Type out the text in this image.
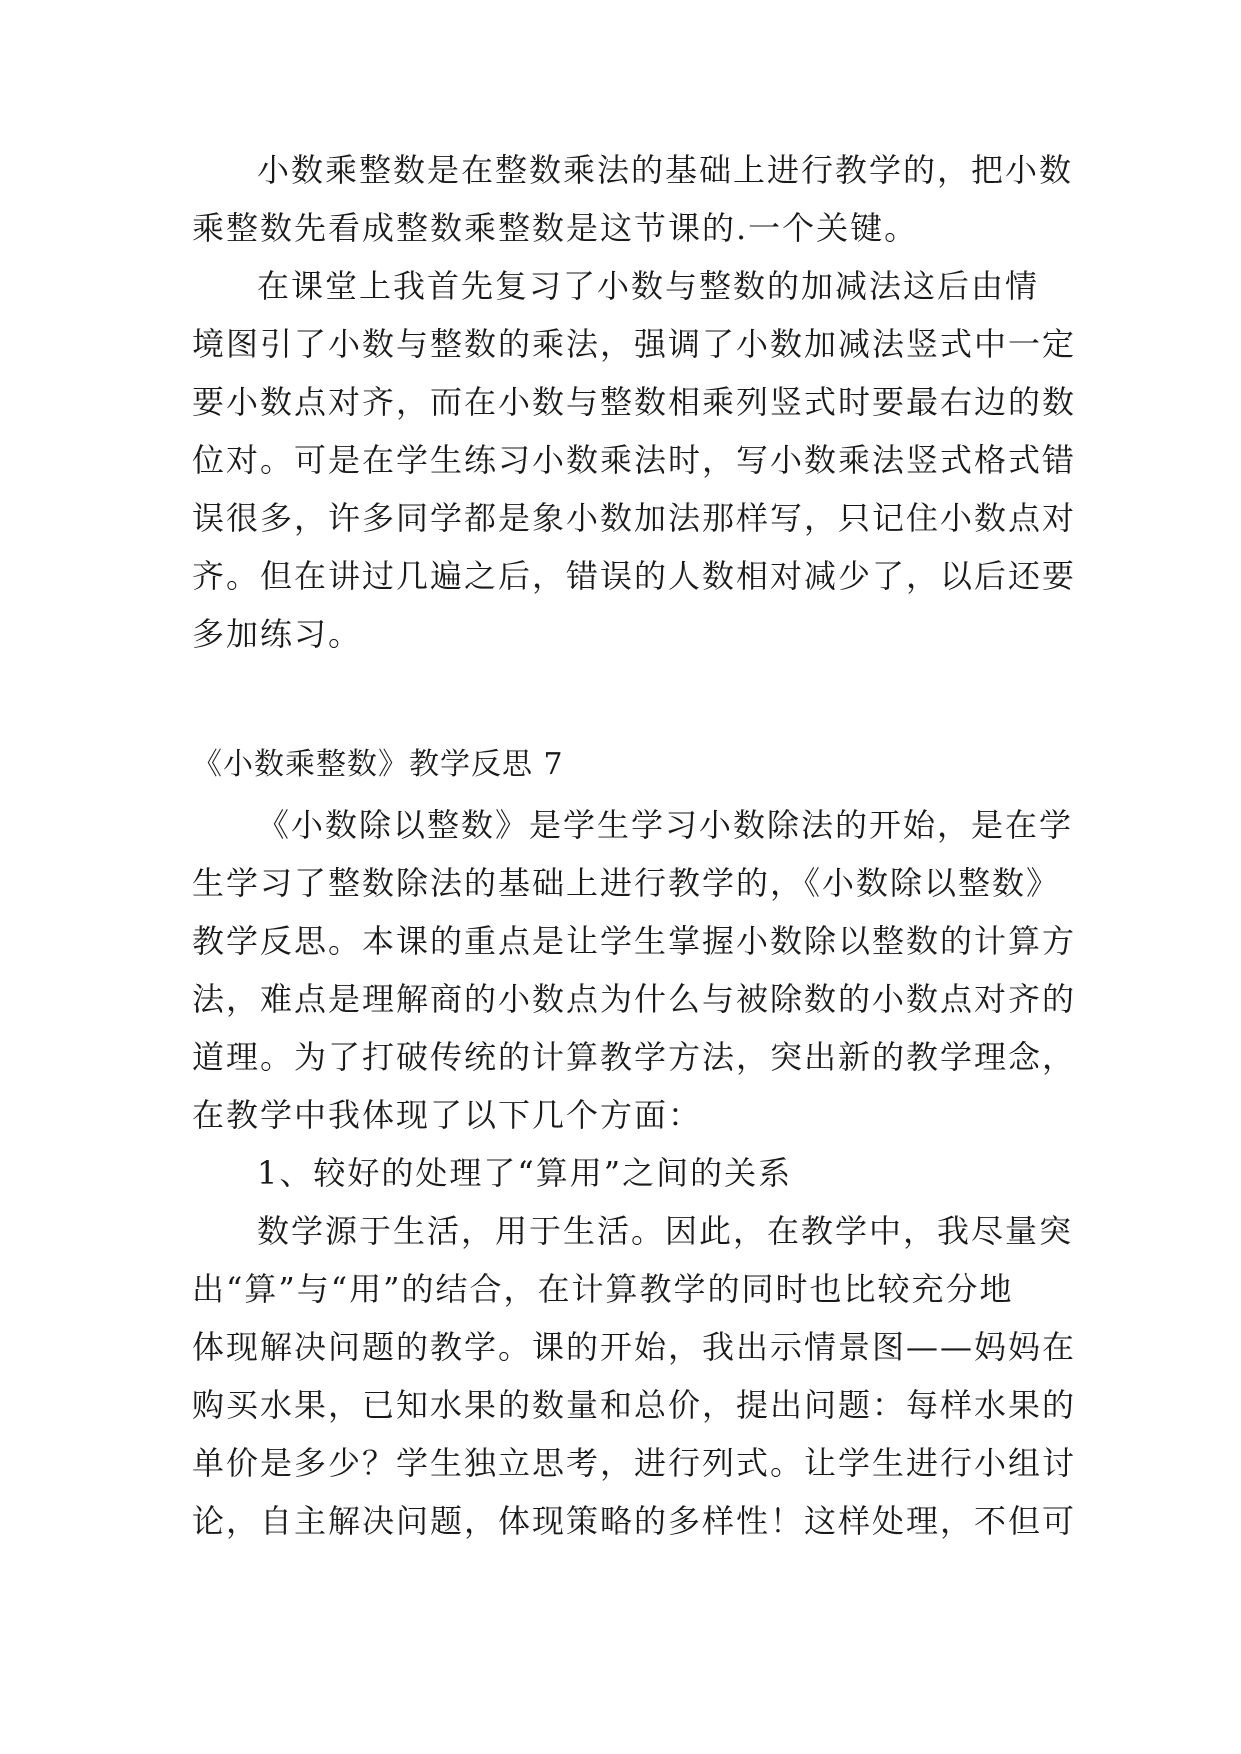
小数乘整数是在整数乘法的基础上进行教学的，把小数
乘整数先看成整数乘整数是这节课的.一个关键。
在课堂上我首先复习了小数与整数的加减法这后由情
境图引了小数与整数的乘法，强调了小数加减法竖式中一定
要小数点对齐，而在小数与整数相乘列竖式时要最右边的数
位对。可是在学生练习小数乘法时，写小数乘法竖式格式错
误很多，许多同学都是象小数加法那样写，只记住小数点对
齐。但在讲过几遍之后，错误的人数相对减少了，以后还要
多加练习。
《小数乘整数》教学反思 7
《小数除以整数》是学生学习小数除法的开始，是在学
生学习了整数除法的基础上进行教学的，《小数除以整数》
教学反思。本课的重点是让学生掌握小数除以整数的计算方
法，难点是理解商的小数点为什么与被除数的小数点对齐的
道理。为了打破传统的计算教学方法，突出新的教学理念，
在教学中我体现了以下几个方面：
1、较好的处理了“算用”之间的关系
数学源于生活，用于生活。因此，在教学中，我尽量突
出“算”与“用”的结合，在计算教学的同时也比较充分地
体现解决问题的教学。课的开始，我出示情景图——妈妈在
购买水果，已知水果的数量和总价，提出问题：每样水果的
单价是多少？学生独立思考，进行列式。让学生进行小组讨
论，自主解决问题，体现策略的多样性！这样处理，不但可
